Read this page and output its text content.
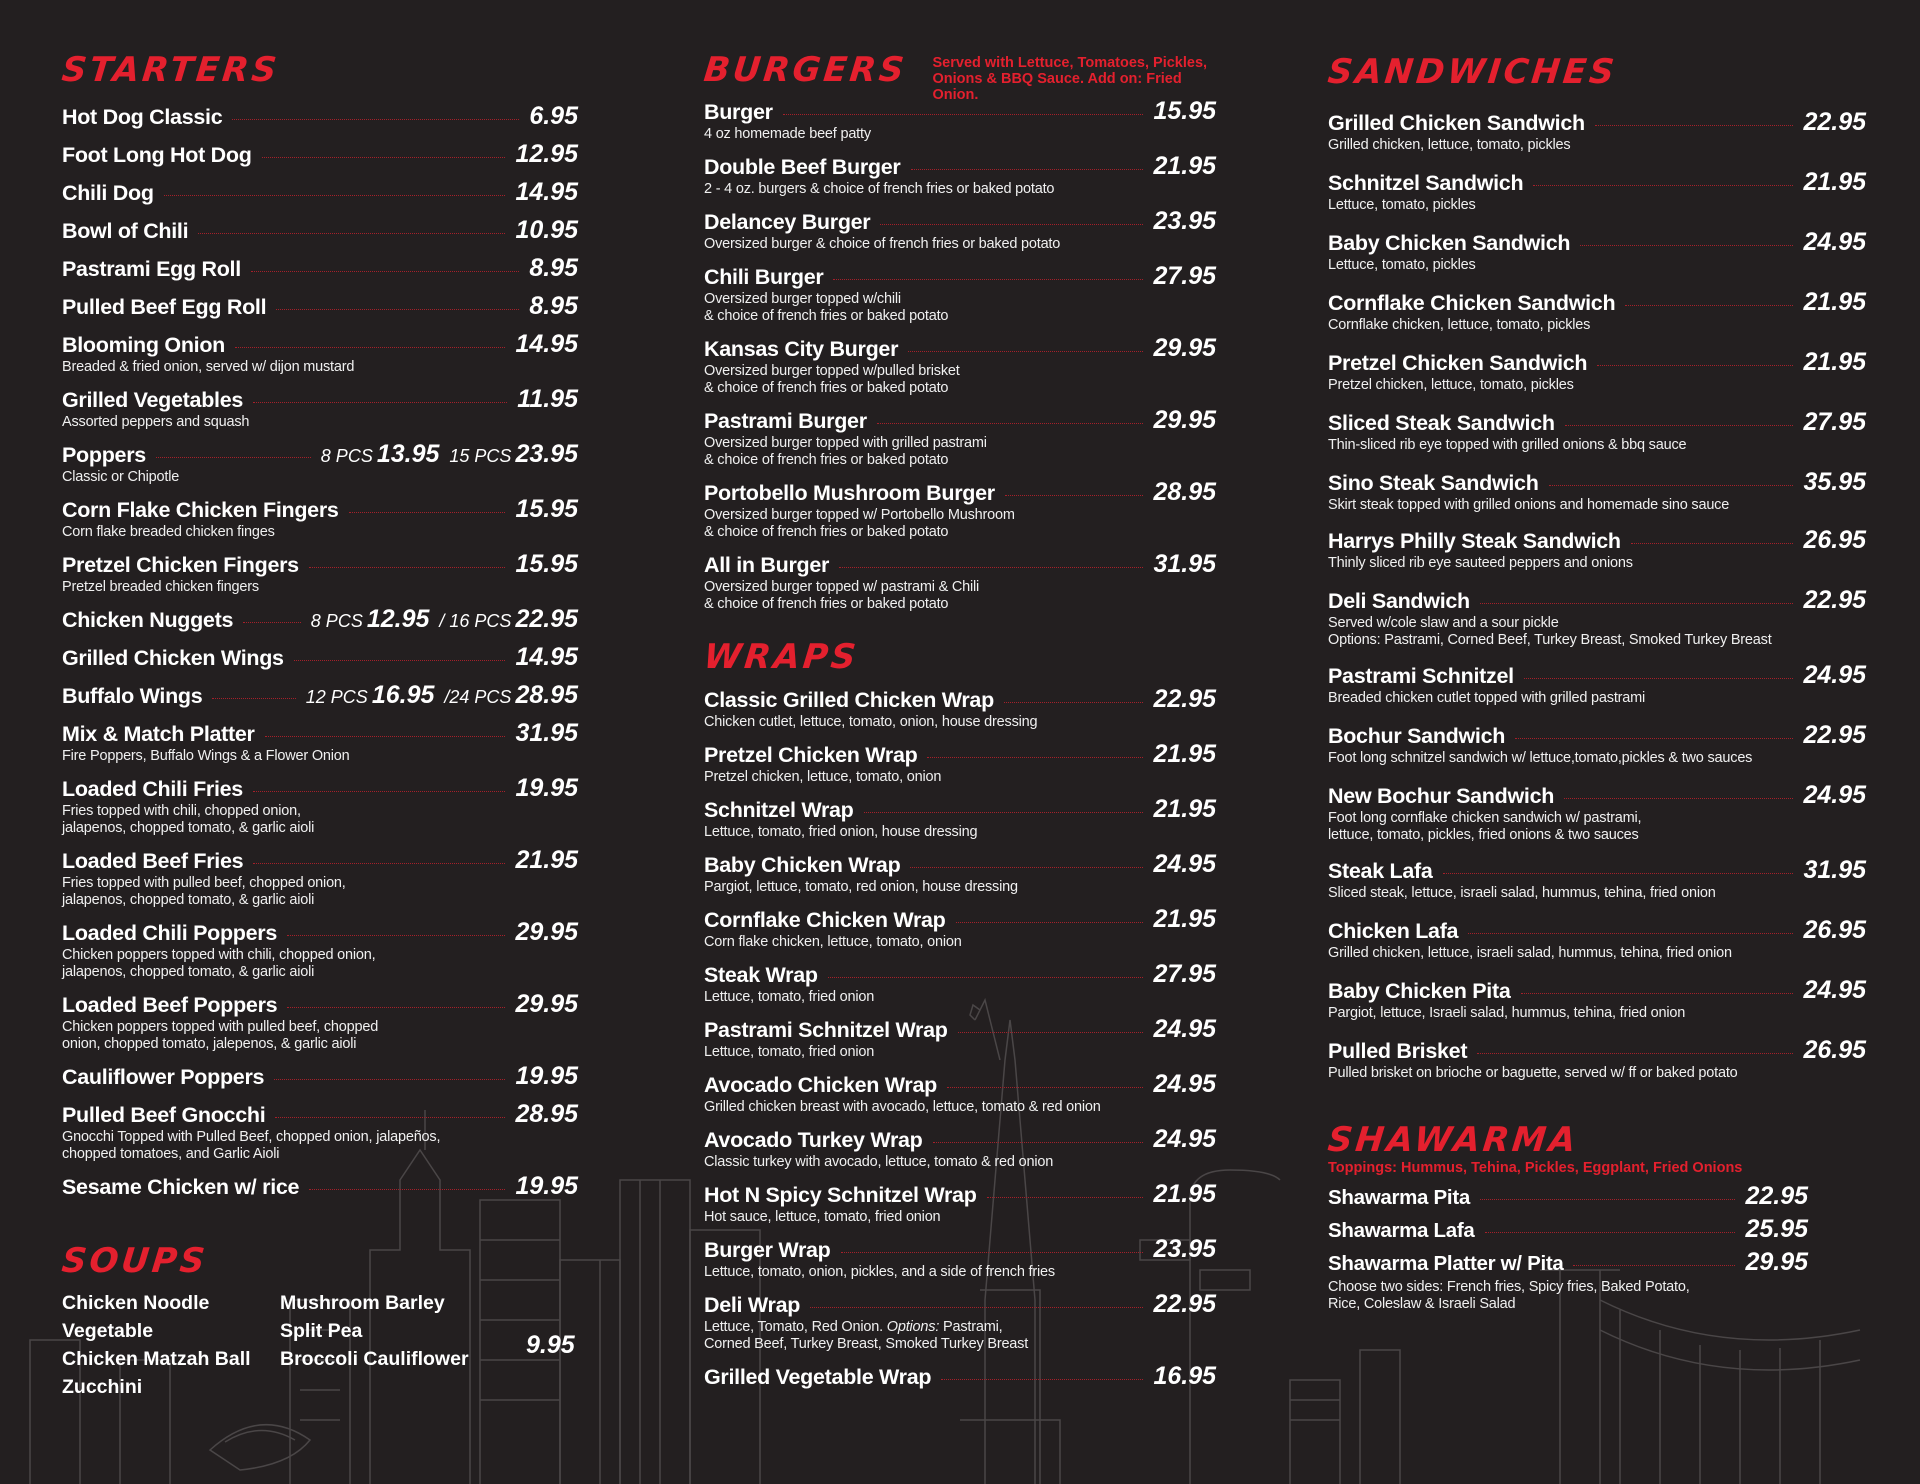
STARTERS
Hot Dog Classic	6.95
Foot Long Hot Dog	12.95
Chili Dog	14.95
Bowl of Chili	10.95
Pastrami Egg Roll	8.95
Pulled Beef Egg Roll	8.95
Blooming Onion	14.95
Breaded & fried onion, served w/ dijon mustard
Grilled Vegetables	11.95
Assorted peppers and squash
Poppers	8 PCS 13.95 15 PCS 23.95
Classic or Chipotle
Corn Flake Chicken Fingers	15.95
Corn flake breaded chicken finges
Pretzel Chicken Fingers	15.95
Pretzel breaded chicken fingers
Chicken Nuggets	8 PCS 12.95 / 16 PCS 22.95
Grilled Chicken Wings	14.95
Buffalo Wings	12 PCS 16.95 /24 PCS 28.95
Mix & Match Platter	31.95
Fire Poppers, Buffalo Wings & a Flower Onion
Loaded Chili Fries	19.95
Fries topped with chili, chopped onion,
jalapenos, chopped tomato, & garlic aioli
Loaded Beef Fries	21.95
Fries topped with pulled beef, chopped onion,
jalapenos, chopped tomato, & garlic aioli
Loaded Chili Poppers	29.95
Chicken poppers topped with chili, chopped onion,
jalapenos, chopped tomato, & garlic aioli
Loaded Beef Poppers	29.95
Chicken poppers topped with pulled beef, chopped
onion, chopped tomato, jalepenos, & garlic aioli
Cauliflower Poppers	19.95
Pulled Beef Gnocchi	28.95
Gnocchi Topped with Pulled Beef, chopped onion, jalapeños,
chopped tomatoes, and Garlic Aioli
Sesame Chicken w/ rice	19.95
SOUPS
Chicken Noodle
Vegetable
Chicken Matzah Ball
Zucchini
Mushroom Barley
Split Pea
Broccoli Cauliflower

9.95
BURGERS Served with Lettuce, Tomatoes, Pickles,
Onions & BBQ Sauce. Add on: Fried Onion.
Burger	15.95
4 oz homemade beef patty
Double Beef Burger	21.95
2 - 4 oz. burgers & choice of french fries or baked potato
Delancey Burger	23.95
Oversized burger & choice of french fries or baked potato
Chili Burger	27.95
Oversized burger topped w/chili
& choice of french fries or baked potato
Kansas City Burger	29.95
Oversized burger topped w/pulled brisket
& choice of french fries or baked potato
Pastrami Burger	29.95
Oversized burger topped with grilled pastrami
& choice of french fries or baked potato
Portobello Mushroom Burger	28.95
Oversized burger topped w/ Portobello Mushroom
& choice of french fries or baked potato
All in Burger	31.95
Oversized burger topped w/ pastrami & Chili
& choice of french fries or baked potato
WRAPS
Classic Grilled Chicken Wrap	22.95
Chicken cutlet, lettuce, tomato, onion, house dressing
Pretzel Chicken Wrap	21.95
Pretzel chicken, lettuce, tomato, onion
Schnitzel Wrap	21.95
Lettuce, tomato, fried onion, house dressing
Baby Chicken Wrap	24.95
Pargiot, lettuce, tomato, red onion, house dressing
Cornflake Chicken Wrap	21.95
Corn flake chicken, lettuce, tomato, onion
Steak Wrap	27.95
Lettuce, tomato, fried onion
Pastrami Schnitzel Wrap	24.95
Lettuce, tomato, fried onion
Avocado Chicken Wrap	24.95
Grilled chicken breast with avocado, lettuce, tomato & red onion
Avocado Turkey Wrap	24.95
Classic turkey with avocado, lettuce, tomato & red onion
Hot N Spicy Schnitzel Wrap	21.95
Hot sauce, lettuce, tomato, fried onion
Burger Wrap	23.95
Lettuce, tomato, onion, pickles, and a side of french fries
Deli Wrap	22.95
Lettuce, Tomato, Red Onion. Options: Pastrami,
Corned Beef, Turkey Breast, Smoked Turkey Breast
Grilled Vegetable Wrap	16.95
SANDWICHES
Grilled Chicken Sandwich	22.95
Grilled chicken, lettuce, tomato, pickles
Schnitzel Sandwich	21.95
Lettuce, tomato, pickles
Baby Chicken Sandwich	24.95
Lettuce, tomato, pickles
Cornflake Chicken Sandwich	21.95
Cornflake chicken, lettuce, tomato, pickles
Pretzel Chicken Sandwich	21.95
Pretzel chicken, lettuce, tomato, pickles
Sliced Steak Sandwich	27.95
Thin-sliced rib eye topped with grilled onions & bbq sauce
Sino Steak Sandwich	35.95
Skirt steak topped with grilled onions and homemade sino sauce
Harrys Philly Steak Sandwich	26.95
Thinly sliced rib eye sauteed peppers and onions
Deli Sandwich	22.95
Served w/cole slaw and a sour pickle
Options: Pastrami, Corned Beef, Turkey Breast, Smoked Turkey Breast
Pastrami Schnitzel	24.95
Breaded chicken cutlet topped with grilled pastrami
Bochur Sandwich	22.95
Foot long schnitzel sandwich w/ lettuce,tomato,pickles & two sauces
New Bochur Sandwich	24.95
Foot long cornflake chicken sandwich w/ pastrami,
lettuce, tomato, pickles, fried onions & two sauces
Steak Lafa	31.95
Sliced steak, lettuce, israeli salad, hummus, tehina, fried onion
Chicken Lafa	26.95
Grilled chicken, lettuce, israeli salad, hummus, tehina, fried onion
Baby Chicken Pita	24.95
Pargiot, lettuce, Israeli salad, hummus, tehina, fried onion
Pulled Brisket	26.95
Pulled brisket on brioche or baguette, served w/ ff or baked potato
SHAWARMA
Toppings: Hummus, Tehina, Pickles, Eggplant, Fried Onions
Shawarma Pita	22.95
Shawarma Lafa	25.95
Shawarma Platter w/ Pita	29.95
Choose two sides: French fries, Spicy fries, Baked Potato,
Rice, Coleslaw & Israeli Salad
